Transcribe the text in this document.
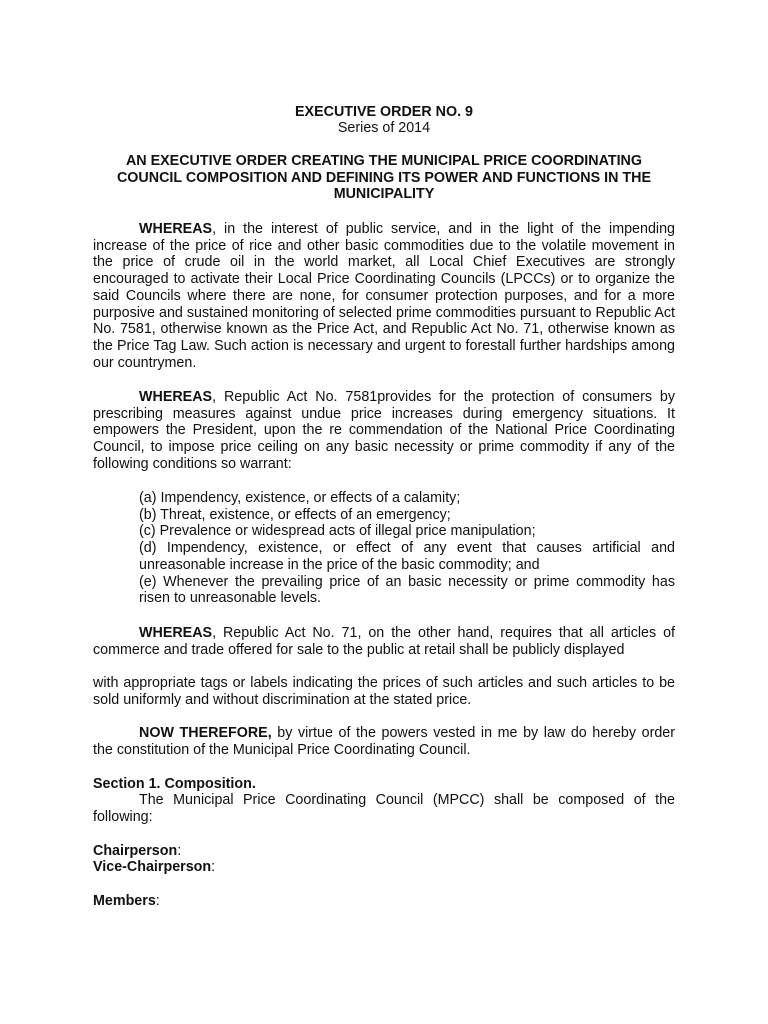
EXECUTIVE ORDER NO. 9
Series of 2014
AN EXECUTIVE ORDER CREATING THE MUNICIPAL PRICE COORDINATING COUNCIL COMPOSITION AND DEFINING ITS POWER AND FUNCTIONS IN THE MUNICIPALITY
WHEREAS, in the interest of public service, and in the light of the impending increase of the price of rice and other basic commodities due to the volatile movement in the price of crude oil in the world market, all Local Chief Executives are strongly encouraged to activate their Local Price Coordinating Councils (LPCCs) or to organize the said Councils where there are none, for consumer protection purposes, and for a more purposive and sustained monitoring of selected prime commodities pursuant to Republic Act No. 7581, otherwise known as the Price Act, and Republic Act No. 71, otherwise known as the Price Tag Law. Such action is necessary and urgent to forestall further hardships among our countrymen.
WHEREAS, Republic Act No. 7581provides for the protection of consumers by prescribing measures against undue price increases during emergency situations. It empowers the President, upon the re commendation of the National Price Coordinating Council, to impose price ceiling on any basic necessity or prime commodity if any of the following conditions so warrant:
(a) Impendency, existence, or effects of a calamity;
(b) Threat, existence, or effects of an emergency;
(c) Prevalence or widespread acts of illegal price manipulation;
(d) Impendency, existence, or effect of any event that causes artificial and unreasonable increase in the price of the basic commodity; and
(e) Whenever the prevailing price of an basic necessity or prime commodity has risen to unreasonable levels.
WHEREAS, Republic Act No. 71, on the other hand, requires that all articles of commerce and trade offered for sale to the public at retail shall be publicly displayed
with appropriate tags or labels indicating the prices of such articles and such articles to be sold uniformly and without discrimination at the stated price.
NOW THEREFORE, by virtue of the powers vested in me by law do hereby order the constitution of the Municipal Price Coordinating Council.
Section 1. Composition.
The Municipal Price Coordinating Council (MPCC) shall be composed of the following:
Chairperson:
Vice-Chairperson:
Members:
